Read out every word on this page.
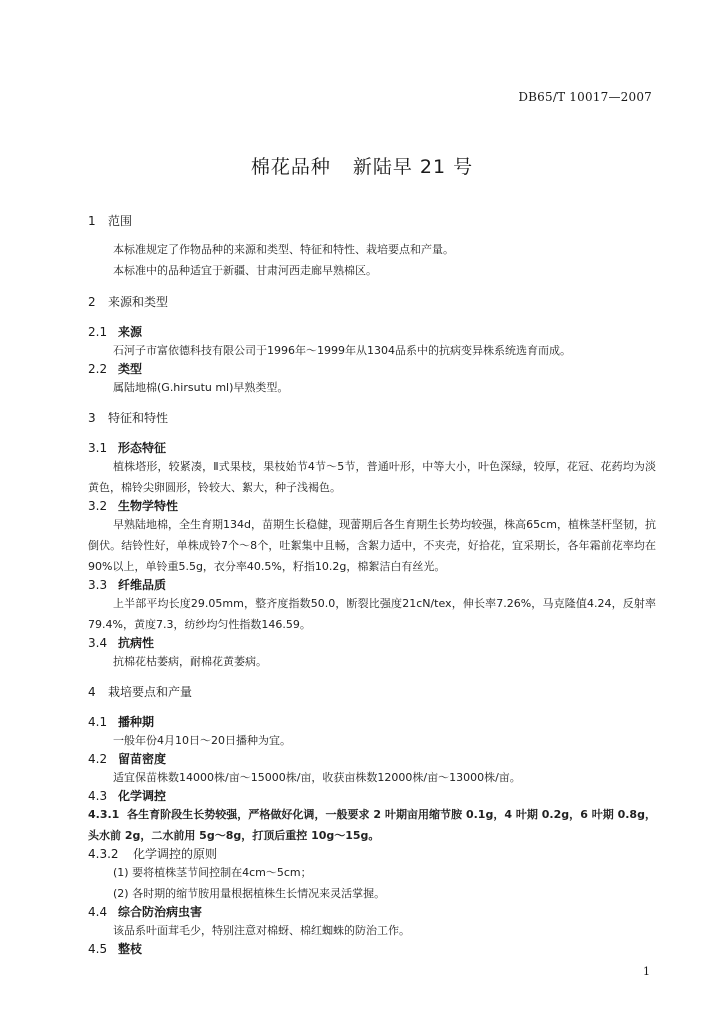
DB65/T 10017—2007
棉花品种 新陆早 21 号
1	范围
本标准规定了作物品种的来源和类型、特征和特性、栽培要点和产量。
本标准中的品种适宜于新疆、甘肃河西走廊早熟棉区。
2	来源和类型
2.1 来源
石河子市富依德科技有限公司于1996年～1999年从1304品系中的抗病变异株系统选育而成。
2.2 类型
属陆地棉(G.hirsutu ml)早熟类型。
3	特征和特性
3.1 形态特征
植株塔形，较紧凑，Ⅱ式果枝，果枝始节4节～5节，普通叶形，中等大小，叶色深绿，较厚，花冠、花药均为淡黄色，棉铃尖卵圆形，铃较大、絮大，种子浅褐色。
3.2 生物学特性
早熟陆地棉，全生育期134d，苗期生长稳健，现蕾期后各生育期生长势均较强，株高65cm，植株茎杆坚韧，抗倒伏。结铃性好，单株成铃7个～8个，吐絮集中且畅，含絮力适中，不夹壳，好拾花，宜采期长，各年霜前花率均在90%以上，单铃重5.5g，衣分率40.5%，籽指10.2g，棉絮洁白有丝光。
3.3 纤维品质
上半部平均长度29.05mm，整齐度指数50.0，断裂比强度21cN/tex，伸长率7.26%，马克隆值4.24，反射率79.4%，黄度7.3，纺纱均匀性指数146.59。
3.4 抗病性
抗棉花枯萎病，耐棉花黄萎病。
4	栽培要点和产量
4.1 播种期
一般年份4月10日～20日播种为宜。
4.2 留苗密度
适宜保苗株数14000株/亩～15000株/亩，收获亩株数12000株/亩～13000株/亩。
4.3 化学调控
4.3.1 各生育阶段生长势较强，严格做好化调，一般要求 2 叶期亩用缩节胺 0.1g，4 叶期 0.2g，6 叶期 0.8g，头水前 2g，二水前用 5g～8g，打顶后重控 10g～15g。
4.3.2	化学调控的原则
(1) 要将植株茎节间控制在4cm～5cm；
(2) 各时期的缩节胺用量根据植株生长情况来灵活掌握。
4.4 综合防治病虫害
该品系叶面茸毛少，特别注意对棉蚜、棉红蜘蛛的防治工作。
4.5 整枝
1
